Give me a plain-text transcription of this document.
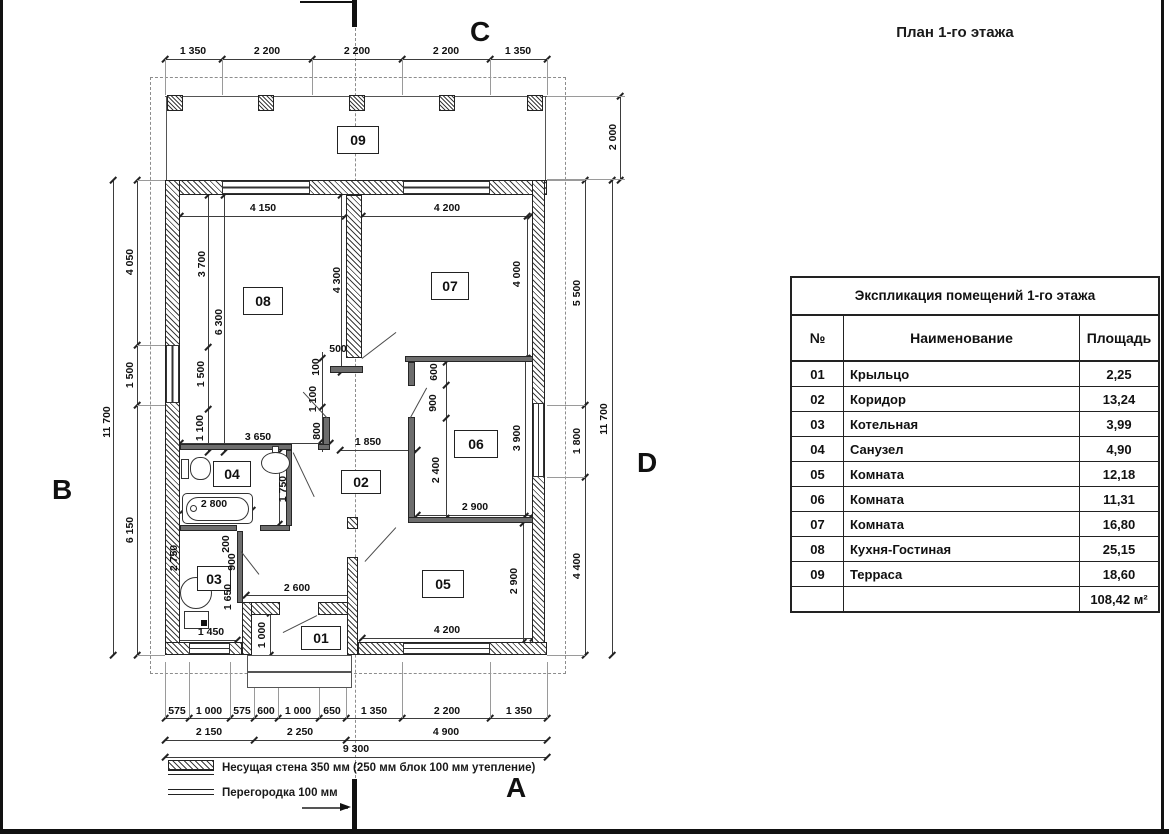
C
A
B
D
План 1-го этажа
09
08
07
06
05
04
03
02
01
1 350	2 200	2 200	2 200	1 350
2 000
5 500
1 800
4 400
11 700
4 050
1 500
6 150
11 700
575 1 000 575 600 1 000 650 1 350	2 200	1 350
2 150	2 250	4 900
9 300
4 150	4 200
3 700
6 300
1 500
1 100
4 300
500
100
1 100
800
3 650	1 850
4 000
600
900
2 400
3 900
2 900
2 900
4 200
1 750
2 800
200
900
2 750
1 650
1 450	1 000
2 600
Экспликация помещений 1-го этажа
№	Наименование	Площадь
01	Крыльцо	2,25
02	Коридор	13,24
03	Котельная	3,99
04	Санузел	4,90
05	Комната	12,18
06	Комната	11,31
07	Комната	16,80
08	Кухня-Гостиная	25,15
09	Терраса	18,60
108,42 м²
Несущая стена 350 мм (250 мм блок 100 мм утепление)
Перегородка 100 мм
